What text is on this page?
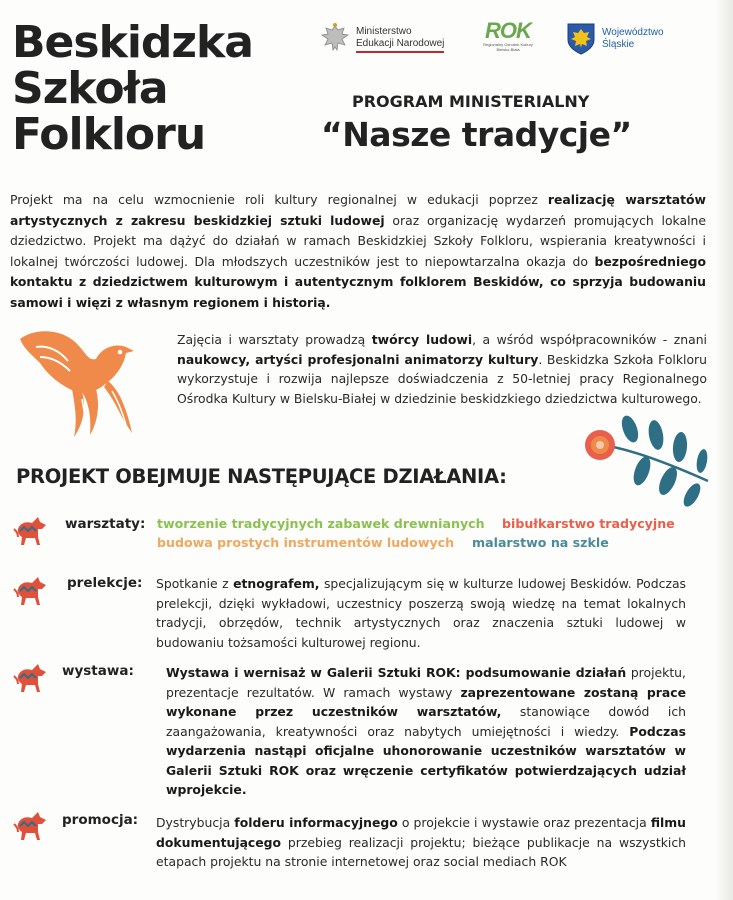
Beskidzka
Szkoła
Folkloru
Ministerstwo
Edukacji Narodowej ROK
Regionalny Ośrodek Kultury Bielsko-Biała
Województwo
Śląskie
PROGRAM MINISTERIALNY
“Nasze tradycje”
Projekt ma na celu wzmocnienie roli kultury regionalnej w edukacji poprzez realizację warsztatów artystycznych z zakresu beskidzkiej sztuki ludowej oraz organizację wydarzeń promujących lokalne dziedzictwo. Projekt ma dążyć do działań w ramach Beskidzkiej Szkoły Folkloru, wspierania kreatywności i lokalnej twórczości ludowej. Dla młodszych uczestników jest to niepowtarzalna okazja do bezpośredniego kontaktu z dziedzictwem kulturowym i autentycznym folklorem Beskidów, co sprzyja budowaniu samowi i więzi z własnym regionem i historią.
Zajęcia i warsztaty prowadzą twórcy ludowi, a wśród współpracowników - znani naukowcy, artyści profesjonalni animatorzy kultury. Beskidzka Szkoła Folkloru wykorzystuje i rozwija najlepsze doświadczenia z 50-letniej pracy Regionalnego Ośrodka Kultury w Bielsku-Białej w dziedzinie beskidzkiego dziedzictwa kulturowego.
PROJEKT OBEJMUJE NASTĘPUJĄCE DZIAŁANIA:
warsztaty: tworzenie tradycyjnych zabawek drewnianych bibułkarstwo tradycyjne
budowa prostych instrumentów ludowych malarstwo na szkle
prelekcje: Spotkanie z etnografem, specjalizującym się w kulturze ludowej Beskidów. Podczas prelekcji, dzięki wykładowi, uczestnicy poszerzą swoją wiedzę na temat lokalnych tradycji, obrzędów, technik artystycznych oraz znaczenia sztuki ludowej w budowaniu tożsamości kulturowej regionu.
wystawa:	Wystawa i wernisaż w Galerii Sztuki ROK: podsumowanie działań projektu, prezentacje rezultatów. W ramach wystawy zaprezentowane zostaną prace wykonane przez uczestników warsztatów, stanowiące dowód ich zaangażowania, kreatywności oraz nabytych umiejętności i wiedzy. Podczas wydarzenia nastąpi oficjalne uhonorowanie uczestników warsztatów w Galerii Sztuki ROK oraz wręczenie certyfikatów potwierdzających udział wprojekcie.
promocja: Dystrybucja folderu informacyjnego o projekcie i wystawie oraz prezentacja filmu dokumentującego przebieg realizacji projektu; bieżące publikacje na wszystkich etapach projektu na stronie internetowej oraz social mediach ROK
